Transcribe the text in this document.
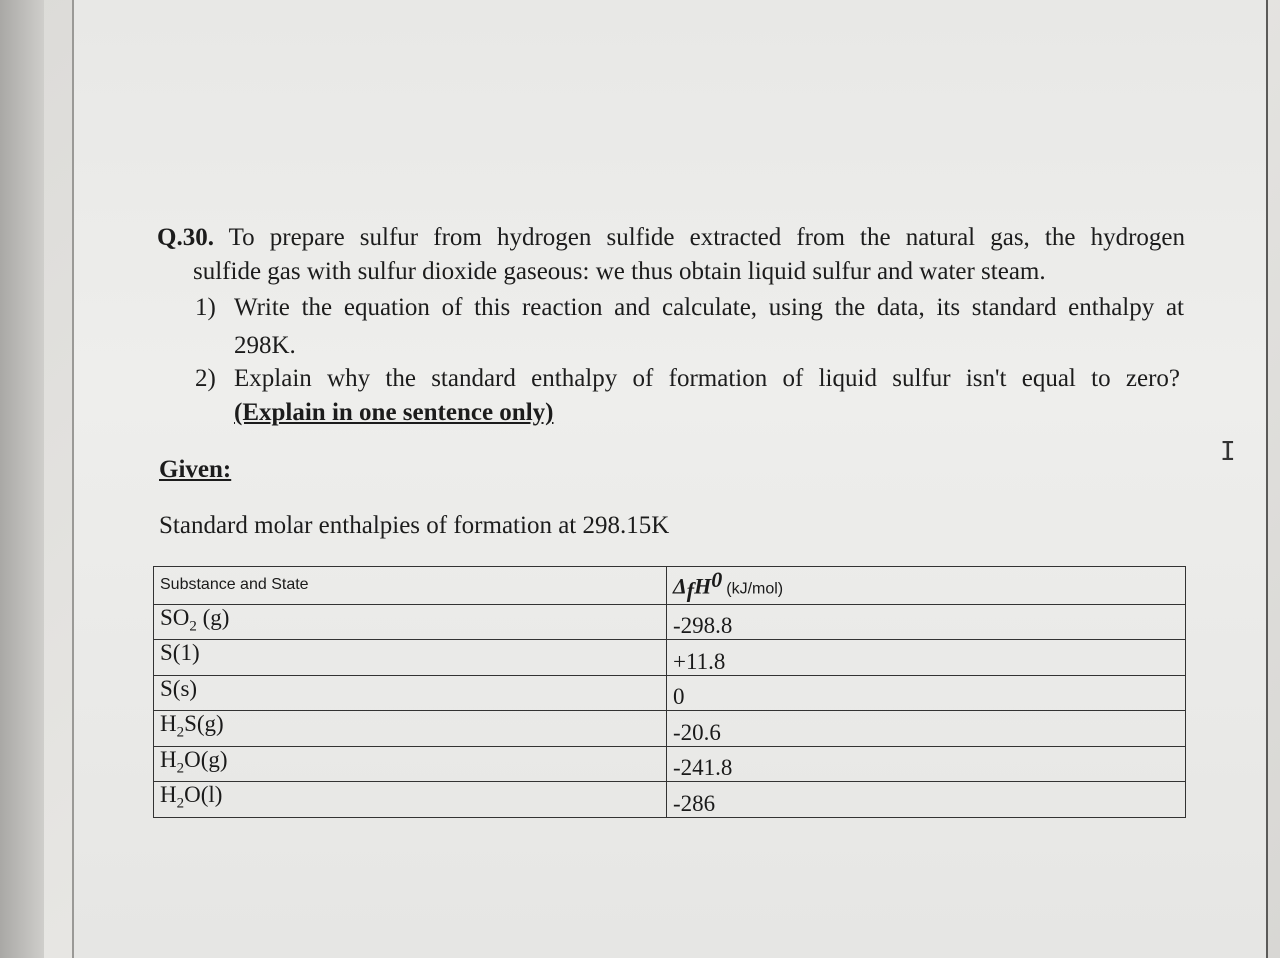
Q.30. To prepare sulfur from hydrogen sulfide extracted from the natural gas, the hydrogen
sulfide gas with sulfur dioxide gaseous: we thus obtain liquid sulfur and water steam.
1) Write the equation of this reaction and calculate, using the data, its standard enthalpy at
298K.
2) Explain why the standard enthalpy of formation of liquid sulfur isn't equal to zero?
(Explain in one sentence only)
Given:
Standard molar enthalpies of formation at 298.15K
Substance and State	$\Delta_fH^0$ (kJ/mol)
$SO_2$ (g)	-298.8
S(1)	+11.8
S(s)	0
$H_2S(g)$	-20.6
$H_2O(g)$	-241.8
$H_2O(l)$	-286
I
